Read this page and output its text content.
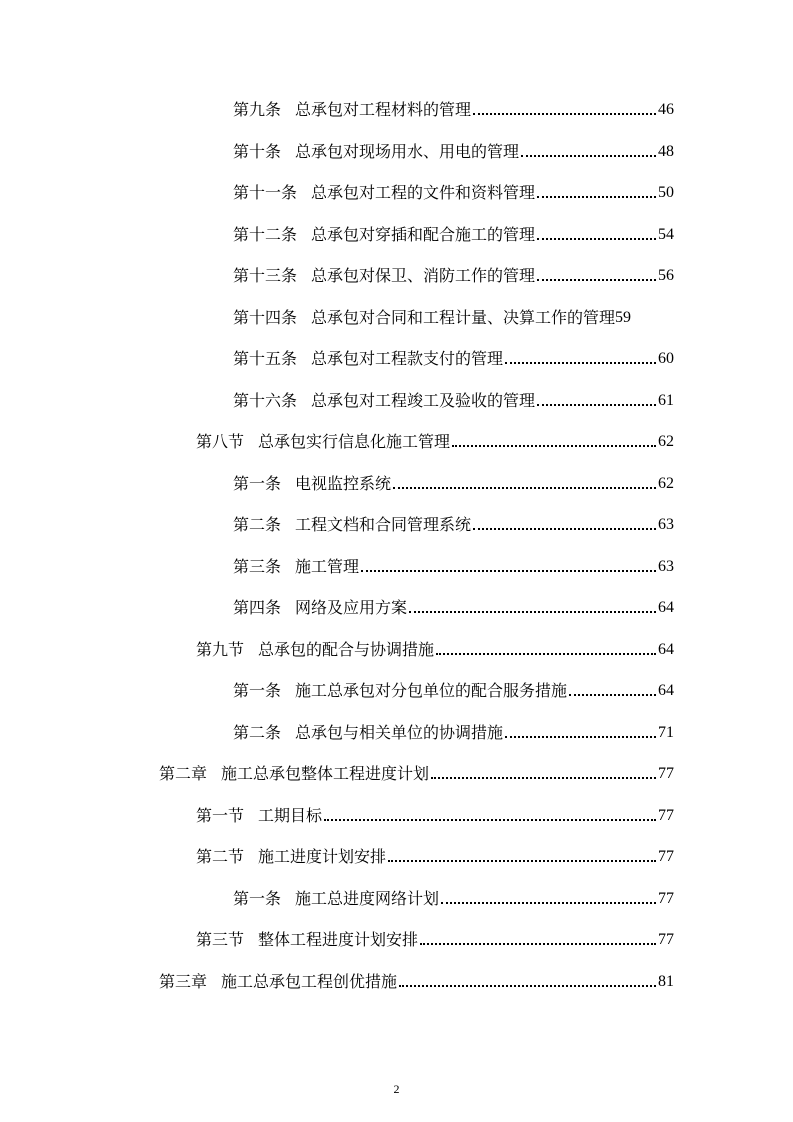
第九条 总承包对工程材料的管理	46
第十条 总承包对现场用水、用电的管理	48
第十一条 总承包对工程的文件和资料管理	50
第十二条 总承包对穿插和配合施工的管理	54
第十三条 总承包对保卫、消防工作的管理	56
第十四条 总承包对合同和工程计量、决算工作的管理 59
第十五条 总承包对工程款支付的管理	60
第十六条 总承包对工程竣工及验收的管理	61
第八节 总承包实行信息化施工管理	62
第一条 电视监控系统	62
第二条 工程文档和合同管理系统	63
第三条 施工管理	63
第四条 网络及应用方案	64
第九节 总承包的配合与协调措施	64
第一条 施工总承包对分包单位的配合服务措施	64
第二条 总承包与相关单位的协调措施	71
第二章 施工总承包整体工程进度计划	77
第一节 工期目标	77
第二节 施工进度计划安排	77
第一条 施工总进度网络计划	77
第三节 整体工程进度计划安排	77
第三章 施工总承包工程创优措施	81
2
